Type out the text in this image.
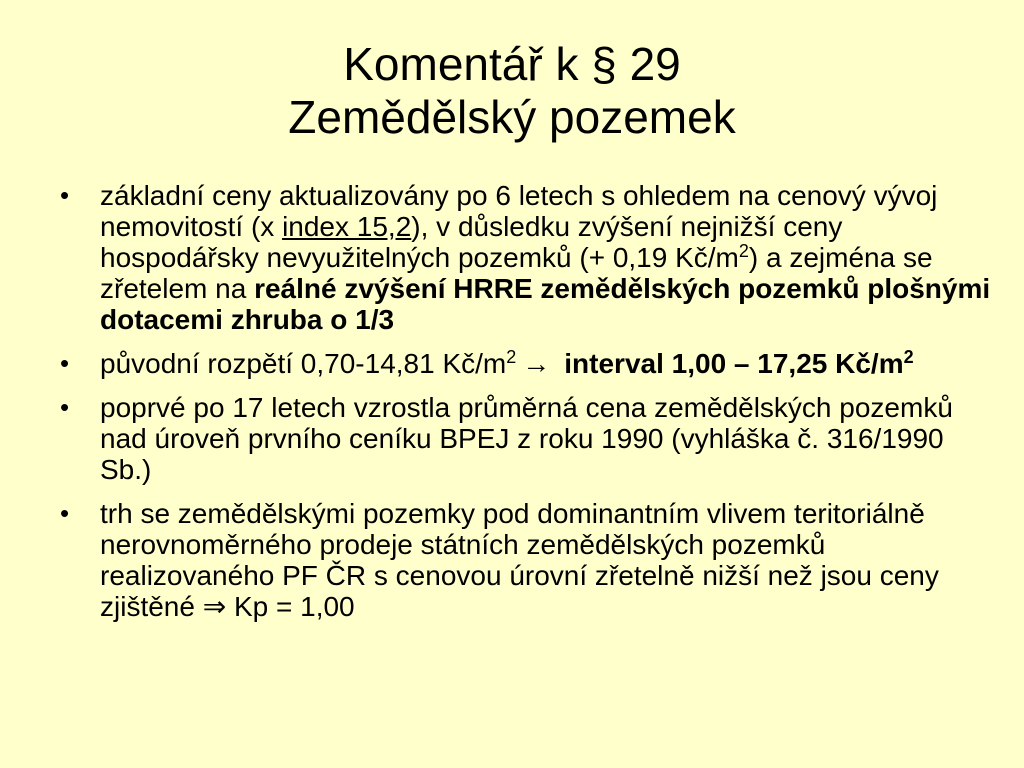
Komentář k § 29
Zemědělský pozemek
• základní ceny aktualizovány po 6 letech s ohledem na cenový vývoj nemovitostí (x index 15,2), v důsledku zvýšení nejnižší ceny hospodářsky nevyužitelných pozemků (+ 0,19 $Kč/m^2$) a zejména se zřetelem na reálné zvýšení HRRE zemědělských pozemků plošnými dotacemi zhruba o 1/3
• původní rozpětí 0,70-14,81 $Kč/m^2$ → interval 1,00 – 17,25 $Kč/m^2$
• poprvé po 17 letech vzrostla průměrná cena zemědělských pozemků nad úroveň prvního ceníku BPEJ z roku 1990 (vyhláška č. 316/1990 Sb.)
• trh se zemědělskými pozemky pod dominantním vlivem teritoriálně nerovnoměrného prodeje státních zemědělských pozemků realizovaného PF ČR s cenovou úrovní zřetelně nižší než jsou ceny zjištěné ⇒ Kp = 1,00
